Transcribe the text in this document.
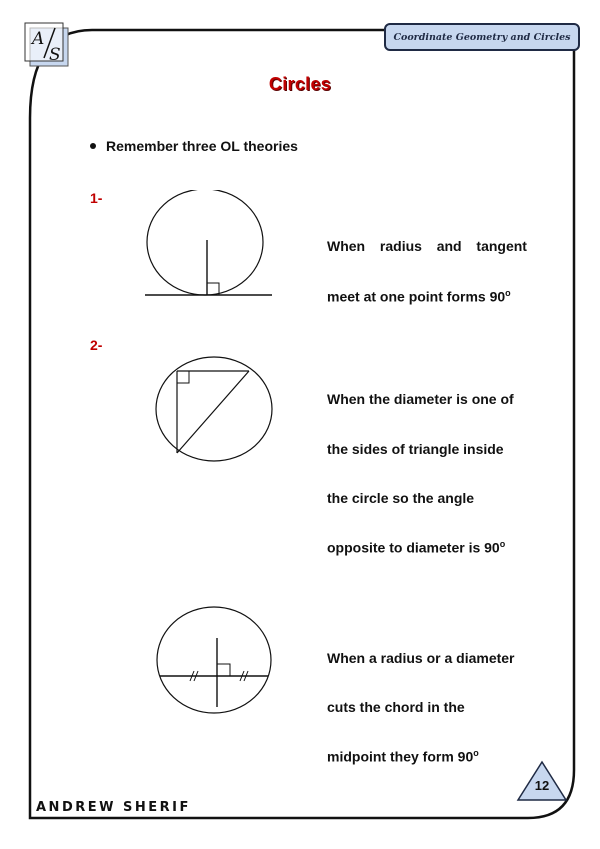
A
S
Coordinate Geometry and Circles
Circles
Remember three OL theories
1-
When radius and tangent
meet at one point forms 90$^o$
2-
When the diameter is one of
the sides of triangle inside
the circle so the angle
opposite to diameter is 90$^o$
When a radius or a diameter
cuts the chord in the
midpoint they form 90$^o$
12
ANDREW SHERIF
